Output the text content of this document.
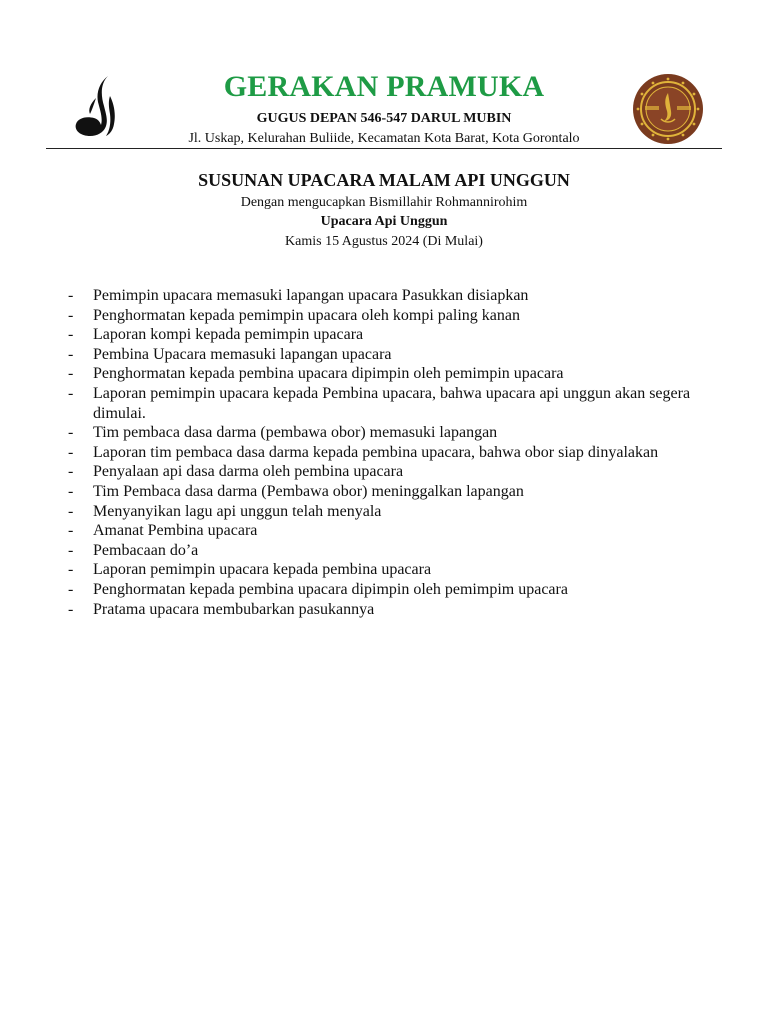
GERAKAN PRAMUKA
GUGUS DEPAN 546-547 DARUL MUBIN
Jl. Uskap, Kelurahan Buliide, Kecamatan Kota Barat, Kota Gorontalo
SUSUNAN UPACARA MALAM API UNGGUN
Dengan mengucapkan Bismillahir Rohmannirohim
Upacara Api Unggun
Kamis 15 Agustus 2024 (Di Mulai)
- Pemimpin upacara memasuki lapangan upacara Pasukkan disiapkan
- Penghormatan kepada pemimpin upacara oleh kompi paling kanan
- Laporan kompi kepada pemimpin upacara
- Pembina Upacara memasuki lapangan upacara
- Penghormatan kepada pembina upacara dipimpin oleh pemimpin upacara
- Laporan pemimpin upacara kepada Pembina upacara, bahwa upacara api unggun akan segera dimulai.
- Tim pembaca dasa darma (pembawa obor) memasuki lapangan
- Laporan tim pembaca dasa darma kepada pembina upacara, bahwa obor siap dinyalakan
- Penyalaan api dasa darma oleh pembina upacara
- Tim Pembaca dasa darma (Pembawa obor) meninggalkan lapangan
- Menyanyikan lagu api unggun telah menyala
- Amanat Pembina upacara
- Pembacaan do’a
- Laporan pemimpin upacara kepada pembina upacara
- Penghormatan kepada pembina upacara dipimpin oleh pemimpim upacara
- Pratama upacara membubarkan pasukannya
